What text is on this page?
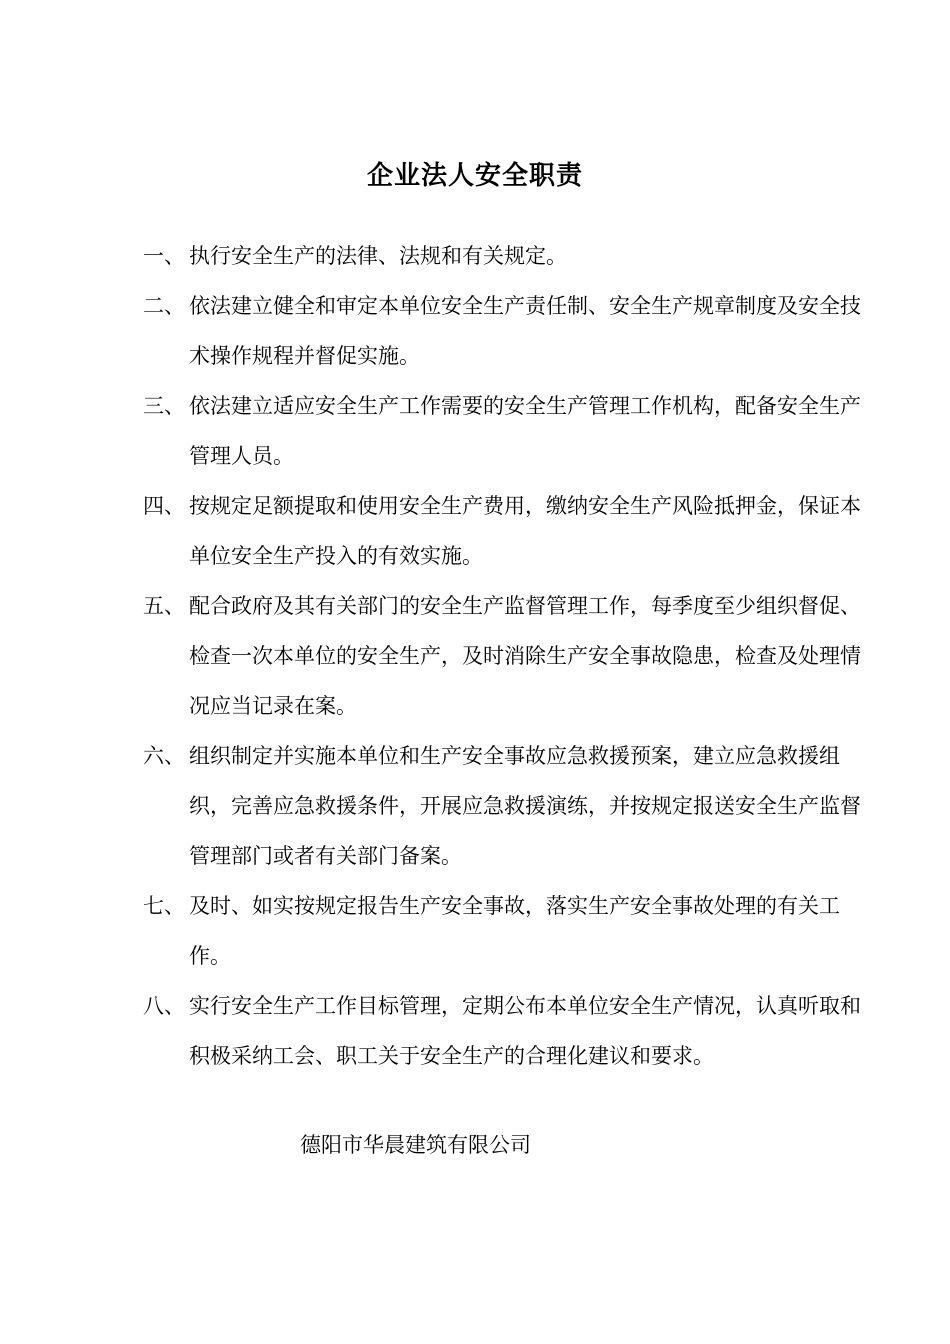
企业法人安全职责
一、 执行安全生产的法律、法规和有关规定。
二、 依法建立健全和审定本单位安全生产责任制、安全生产规章制度及安全技术操作规程并督促实施。
三、 依法建立适应安全生产工作需要的安全生产管理工作机构，配备安全生产管理人员。
四、 按规定足额提取和使用安全生产费用，缴纳安全生产风险抵押金，保证本单位安全生产投入的有效实施。
五、 配合政府及其有关部门的安全生产监督管理工作，每季度至少组织督促、检查一次本单位的安全生产，及时消除生产安全事故隐患，检查及处理情况应当记录在案。
六、 组织制定并实施本单位和生产安全事故应急救援预案，建立应急救援组织，完善应急救援条件，开展应急救援演练，并按规定报送安全生产监督管理部门或者有关部门备案。
七、 及时、如实按规定报告生产安全事故，落实生产安全事故处理的有关工作。
八、 实行安全生产工作目标管理，定期公布本单位安全生产情况，认真听取和积极采纳工会、职工关于安全生产的合理化建议和要求。
德阳市华晨建筑有限公司
